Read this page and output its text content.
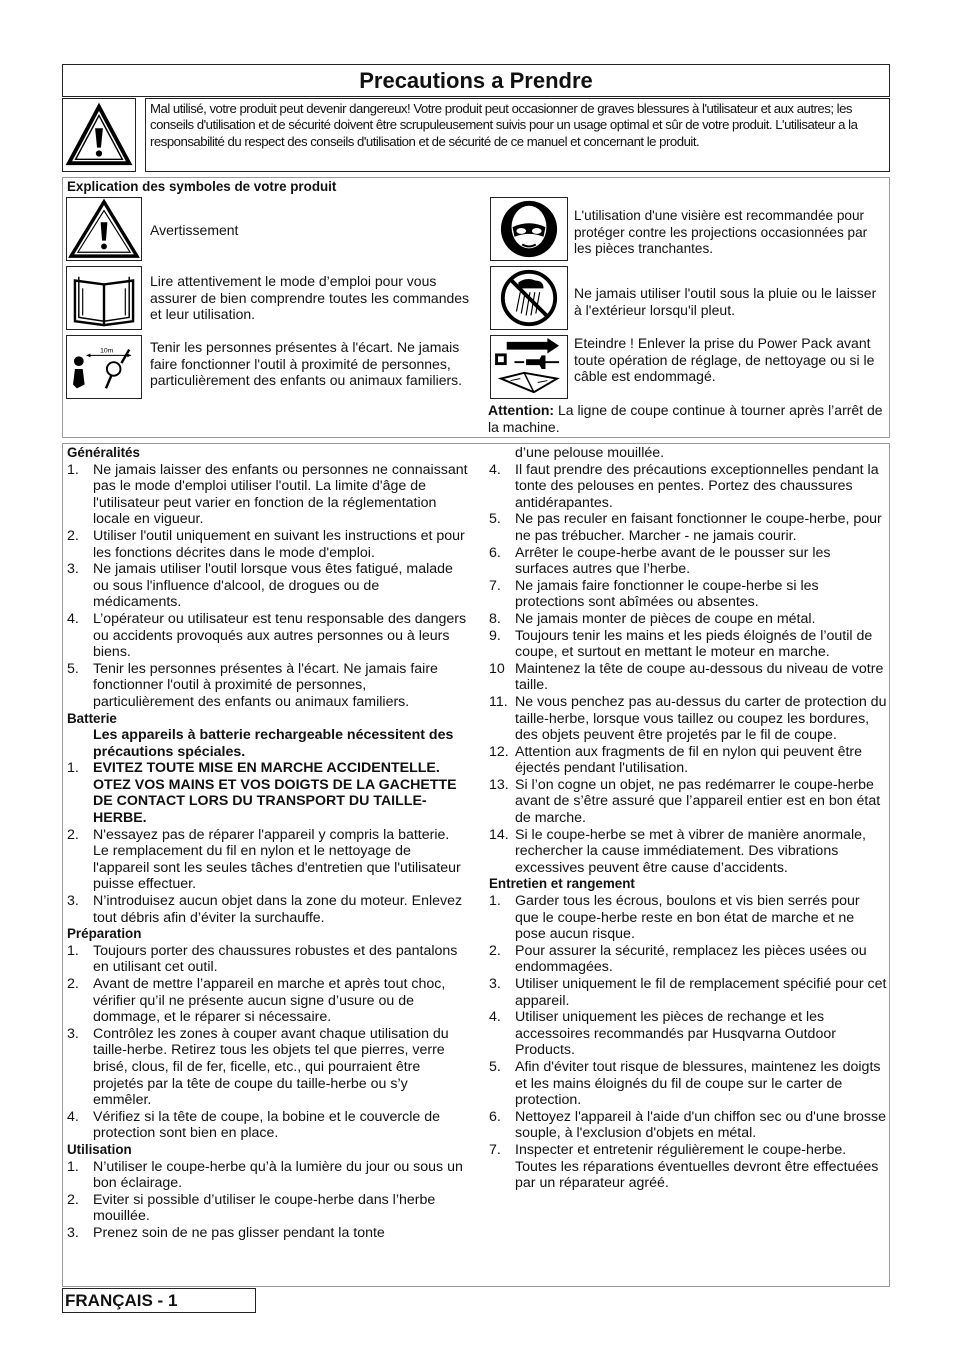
Precautions a Prendre
Mal utilisé, votre produit peut devenir dangereux! Votre produit peut occasionner de graves blessures à l'utilisateur et aux autres; les conseils d'utilisation et de sécurité doivent être scrupuleusement suivis pour un usage optimal et sûr de votre produit. L'utilisateur a la responsabilité du respect des conseils d'utilisation et de sécurité de ce manuel et concernant le produit.
Explication des symboles de votre produit
Avertissement
Lire attentivement le mode d’emploi pour vous assurer de bien comprendre toutes les commandes et leur utilisation.
10m	Tenir les personnes présentes à l'écart. Ne jamais faire fonctionner l'outil à proximité de personnes, particulièrement des enfants ou animaux familiers.
L'utilisation d'une visière est recommandée pour protéger contre les projections occasionnées par les pièces tranchantes.
Ne jamais utiliser l'outil sous la pluie ou le laisser à l'extérieur lorsqu'il pleut.
Eteindre ! Enlever la prise du Power Pack avant toute opération de réglage, de nettoyage ou si le câble est endommagé.
Attention: La ligne de coupe continue à tourner après l’arrêt de la machine.
Généralités
1. Ne jamais laisser des enfants ou personnes ne connaissant pas le mode d'emploi utiliser l'outil. La limite d'âge de l'utilisateur peut varier en fonction de la réglementation locale en vigueur.
2. Utiliser l'outil uniquement en suivant les instructions et pour les fonctions décrites dans le mode d'emploi.
3. Ne jamais utiliser l'outil lorsque vous êtes fatigué, malade ou sous l'influence d'alcool, de drogues ou de médicaments.
4. L’opérateur ou utilisateur est tenu responsable des dangers ou accidents provoqués aux autres personnes ou à leurs biens.
5. Tenir les personnes présentes à l'écart. Ne jamais faire fonctionner l'outil à proximité de personnes, particulièrement des enfants ou animaux familiers.
Batterie
Les appareils à batterie rechargeable nécessitent des précautions spéciales.
1. EVITEZ TOUTE MISE EN MARCHE ACCIDENTELLE. OTEZ VOS MAINS ET VOS DOIGTS DE LA GACHETTE DE CONTACT LORS DU TRANSPORT DU TAILLE-HERBE.
2. N'essayez pas de réparer l'appareil y compris la batterie. Le remplacement du fil en nylon et le nettoyage de l'appareil sont les seules tâches d'entretien que l'utilisateur puisse effectuer.
3. N’introduisez aucun objet dans la zone du moteur. Enlevez tout débris afin d’éviter la surchauffe.
Préparation
1. Toujours porter des chaussures robustes et des pantalons en utilisant cet outil.
2. Avant de mettre l’appareil en marche et après tout choc, vérifier qu’il ne présente aucun signe d’usure ou de dommage, et le réparer si nécessaire.
3. Contrôlez les zones à couper avant chaque utilisation du taille-herbe. Retirez tous les objets tel que pierres, verre brisé, clous, fil de fer, ficelle, etc., qui pourraient être projetés par la tête de coupe du taille-herbe ou s’y emmêler.
4. Vérifiez si la tête de coupe, la bobine et le couvercle de protection sont bien en place.
Utilisation
1. N’utiliser le coupe-herbe qu’à la lumière du jour ou sous un bon éclairage.
2. Eviter si possible d’utiliser le coupe-herbe dans l’herbe mouillée.
3. Prenez soin de ne pas glisser pendant la tonte
d’une pelouse mouillée.
4. Il faut prendre des précautions exceptionnelles pendant la tonte des pelouses en pentes. Portez des chaussures antidérapantes.
5. Ne pas reculer en faisant fonctionner le coupe-herbe, pour ne pas trébucher. Marcher - ne jamais courir.
6. Arrêter le coupe-herbe avant de le pousser sur les surfaces autres que l’herbe.
7. Ne jamais faire fonctionner le coupe-herbe si les protections sont abîmées ou absentes.
8. Ne jamais monter de pièces de coupe en métal.
9. Toujours tenir les mains et les pieds éloignés de l’outil de coupe, et surtout en mettant le moteur en marche.
10 Maintenez la tête de coupe au-dessous du niveau de votre taille.
11. Ne vous penchez pas au-dessus du carter de protection du taille-herbe, lorsque vous taillez ou coupez les bordures, des objets peuvent être projetés par le fil de coupe.
12. Attention aux fragments de fil en nylon qui peuvent être éjectés pendant l'utilisation.
13. Si l’on cogne un objet, ne pas redémarrer le coupe-herbe avant de s’être assuré que l’appareil entier est en bon état de marche.
14. Si le coupe-herbe se met à vibrer de manière anormale, rechercher la cause immédiatement. Des vibrations excessives peuvent être cause d’accidents.
Entretien et rangement
1. Garder tous les écrous, boulons et vis bien serrés pour que le coupe-herbe reste en bon état de marche et ne pose aucun risque.
2. Pour assurer la sécurité, remplacez les pièces usées ou endommagées.
3. Utiliser uniquement le fil de remplacement spécifié pour cet appareil.
4. Utiliser uniquement les pièces de rechange et les accessoires recommandés par Husqvarna Outdoor Products.
5. Afin d'éviter tout risque de blessures, maintenez les doigts et les mains éloignés du fil de coupe sur le carter de protection.
6. Nettoyez l'appareil à l'aide d'un chiffon sec ou d'une brosse souple, à l'exclusion d'objets en métal.
7. Inspecter et entretenir régulièrement le coupe-herbe. Toutes les réparations éventuelles devront être effectuées par un réparateur agréé.
FRANÇAIS - 1
